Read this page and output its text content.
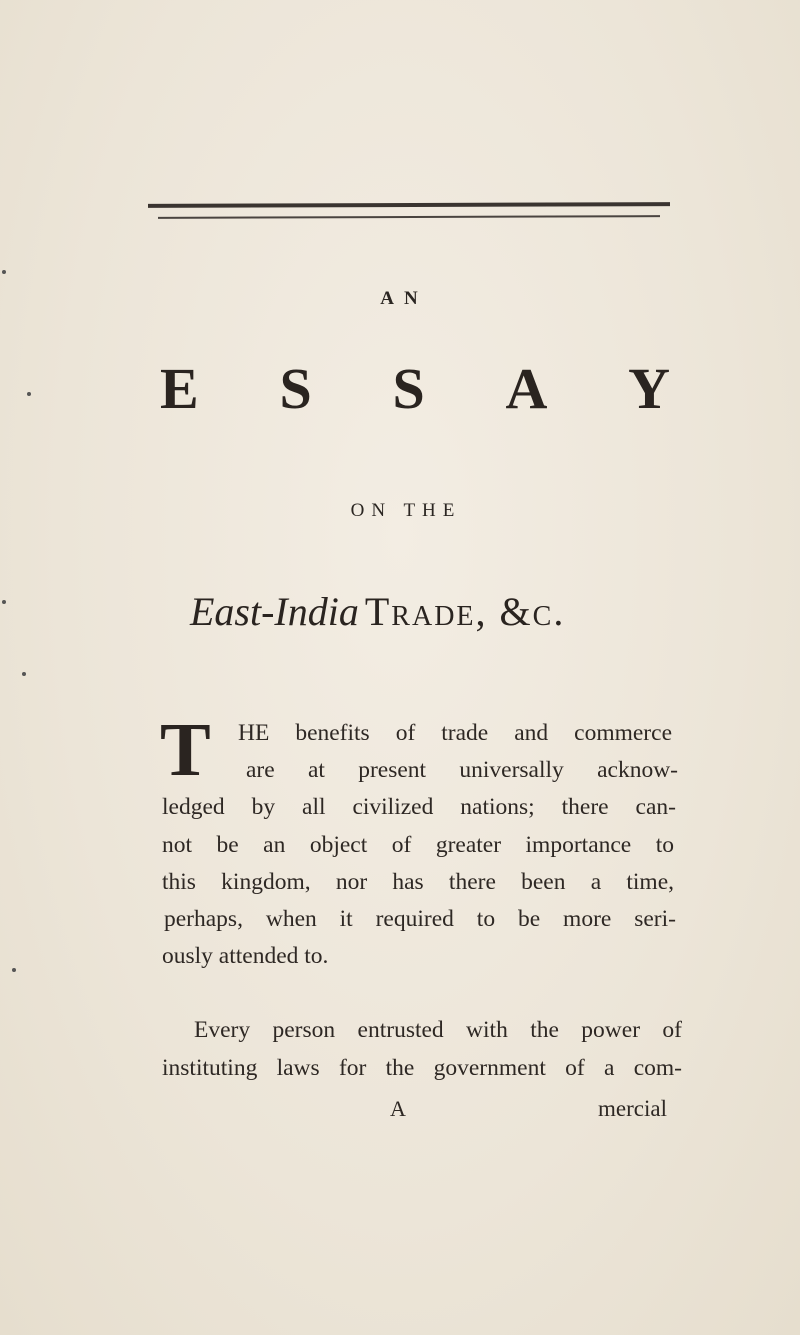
AN
E S S A Y
ON THE
East-India Trade, &c.
T HE benefits of trade and commerce
are at present universally acknow-
ledged by all civilized nations; there can-
not be an object of greater importance to
this kingdom, nor has there been a time,
perhaps, when it required to be more seri-
ously attended to.
Every person entrusted with the power of
instituting laws for the government of a com-
A	mercial
